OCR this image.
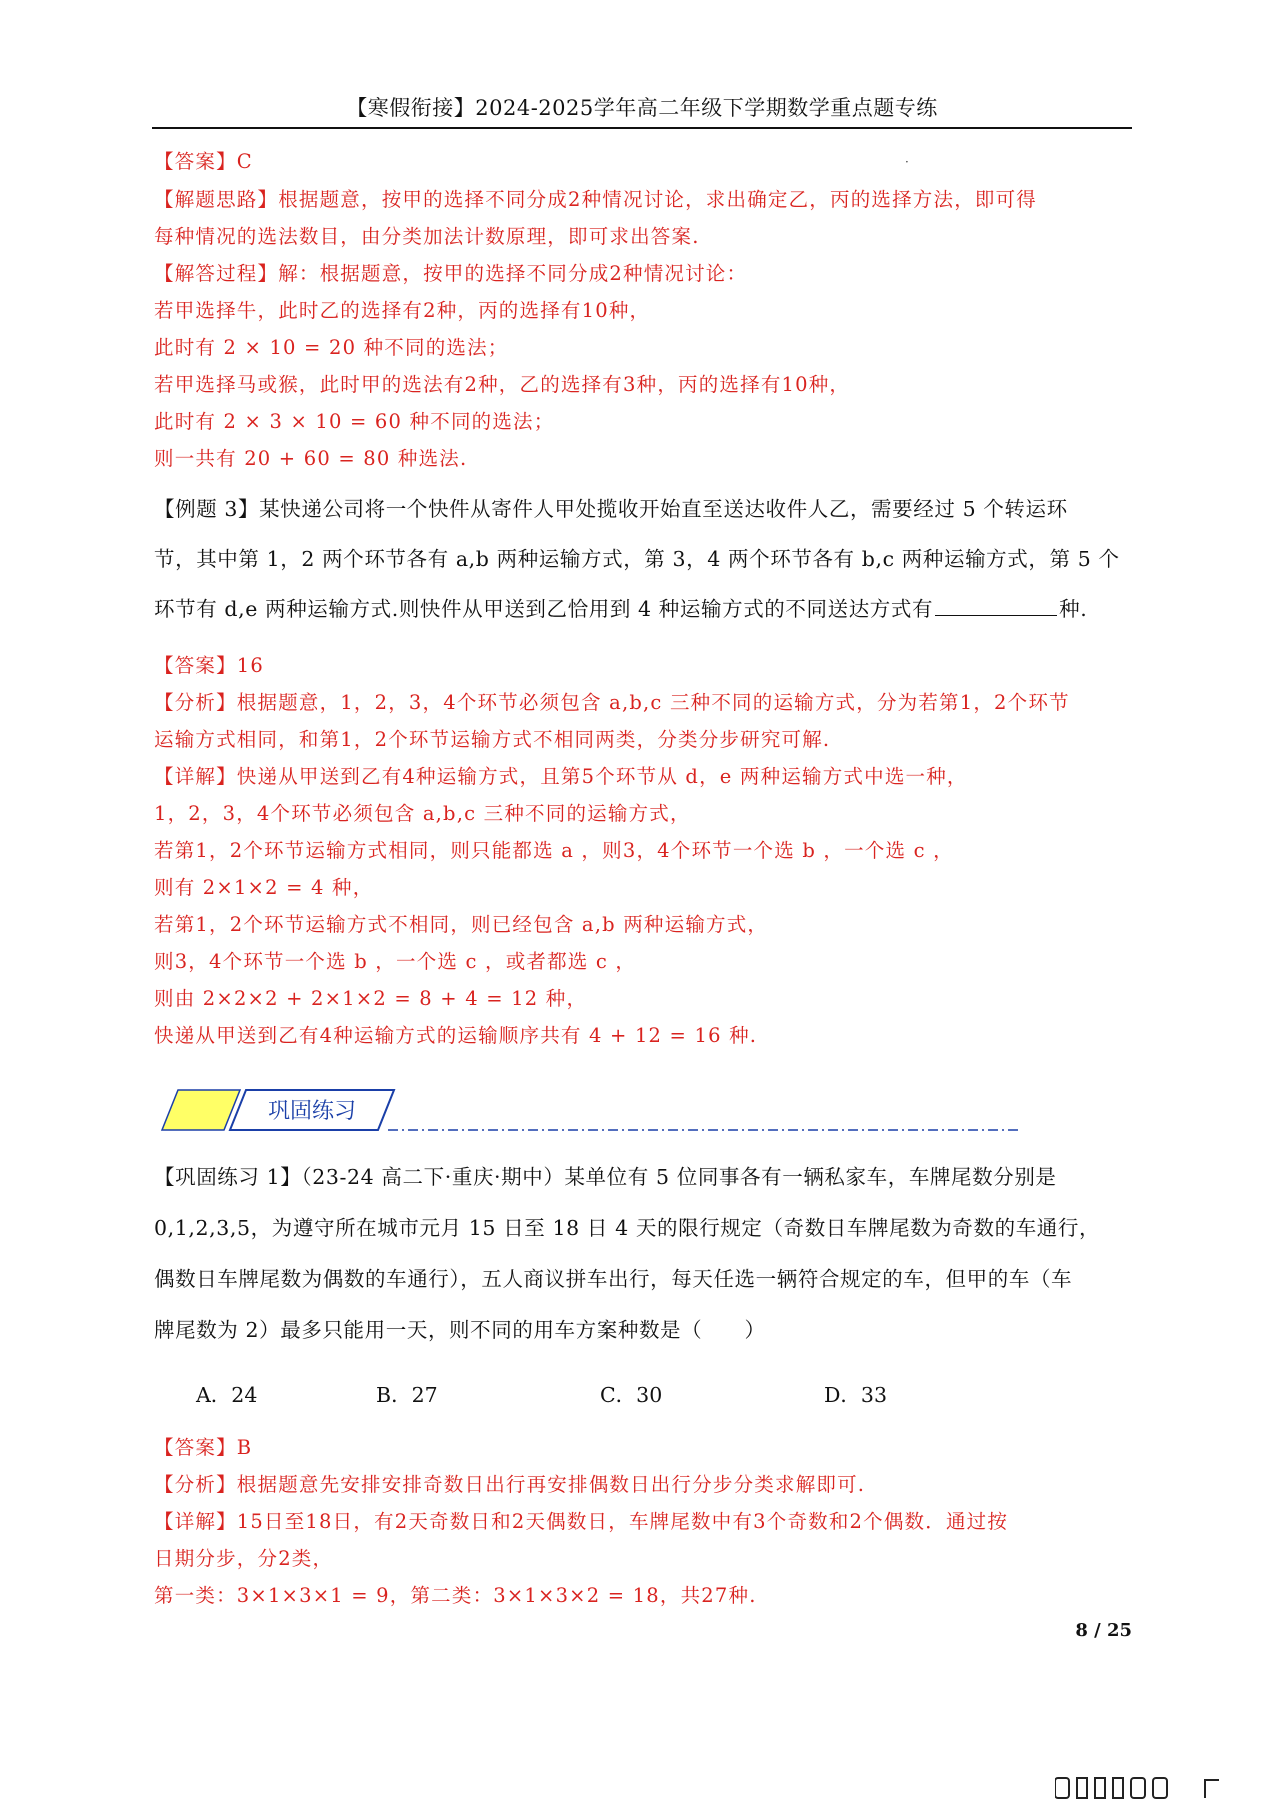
【寒假衔接】2024-2025学年高二年级下学期数学重点题专练
·
【答案】C
【解题思路】根据题意，按甲的选择不同分成2种情况讨论，求出确定乙，丙的选择方法，即可得
每种情况的选法数目，由分类加法计数原理，即可求出答案.
【解答过程】解：根据题意，按甲的选择不同分成2种情况讨论：
若甲选择牛，此时乙的选择有2种，丙的选择有10种，
此时有 2 × 10 = 20 种不同的选法；
若甲选择马或猴，此时甲的选法有2种，乙的选择有3种，丙的选择有10种，
此时有 2 × 3 × 10 = 60 种不同的选法；
则一共有 20 + 60 = 80 种选法.
【例题 3】某快递公司将一个快件从寄件人甲处揽收开始直至送达收件人乙，需要经过 5 个转运环
节，其中第 1，2 两个环节各有 a,b 两种运输方式，第 3，4 两个环节各有 b,c 两种运输方式，第 5 个
环节有 d,e 两种运输方式.则快件从甲送到乙恰用到 4 种运输方式的不同送达方式有	种.
【答案】16
【分析】根据题意，1，2，3，4个环节必须包含 a,b,c 三种不同的运输方式，分为若第1，2个环节
运输方式相同，和第1，2个环节运输方式不相同两类，分类分步研究可解.
【详解】快递从甲送到乙有4种运输方式，且第5个环节从 d，e 两种运输方式中选一种，
1，2，3，4个环节必须包含 a,b,c 三种不同的运输方式，
若第1，2个环节运输方式相同，则只能都选 a ，则3，4个环节一个选 b ，一个选 c ，
则有 2×1×2 = 4 种，
若第1，2个环节运输方式不相同，则已经包含 a,b 两种运输方式，
则3，4个环节一个选 b ，一个选 c ，或者都选 c ，
则由 2×2×2 + 2×1×2 = 8 + 4 = 12 种，
快递从甲送到乙有4种运输方式的运输顺序共有 4 + 12 = 16 种.
巩固练习
【巩固练习 1】（23-24 高二下·重庆·期中）某单位有 5 位同事各有一辆私家车，车牌尾数分别是
0,1,2,3,5，为遵守所在城市元月 15 日至 18 日 4 天的限行规定（奇数日车牌尾数为奇数的车通行，
偶数日车牌尾数为偶数的车通行），五人商议拼车出行，每天任选一辆符合规定的车，但甲的车（车
牌尾数为 2）最多只能用一天，则不同的用车方案种数是（　　）
A．24	B．27	C．30	D．33
【答案】B
【分析】根据题意先安排安排奇数日出行再安排偶数日出行分步分类求解即可.
【详解】15日至18日，有2天奇数日和2天偶数日，车牌尾数中有3个奇数和2个偶数．通过按
日期分步，分2类，
第一类：3×1×3×1 = 9，第二类：3×1×3×2 = 18，共27种.
8 / 25
